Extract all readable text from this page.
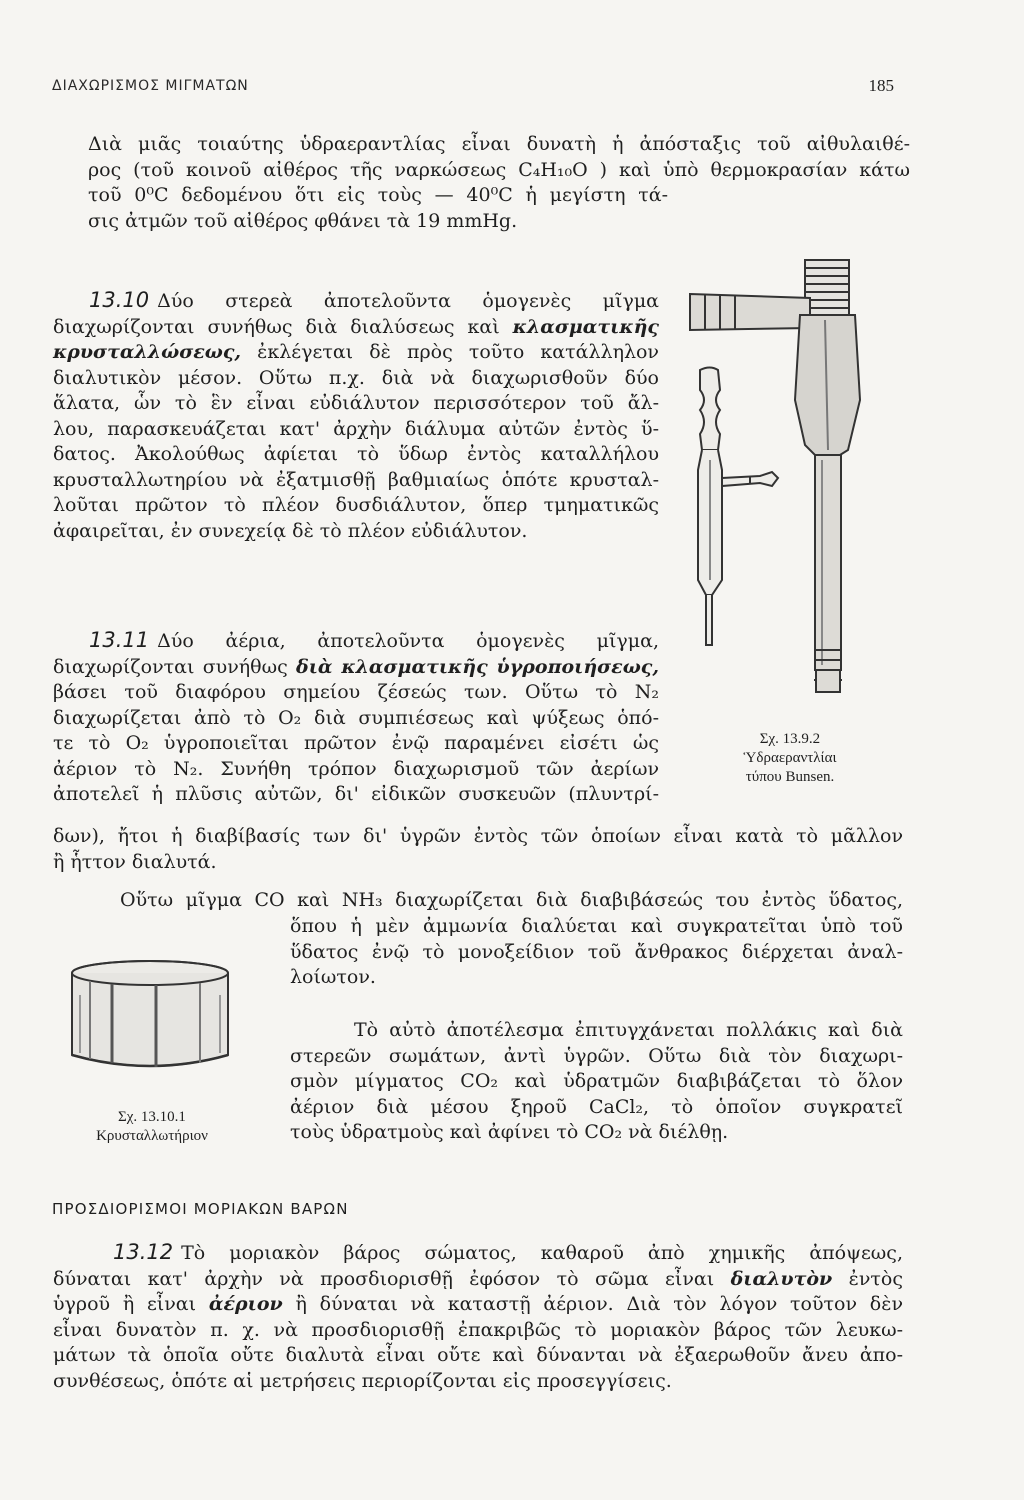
ΔΙΑΧΩΡΙΣΜΟΣ ΜΙΓΜΑΤΩΝ	185
Διὰ μιᾶς τοιαύτης ὑδραεραντλίας εἶναι δυνατὴ ἡ ἀπόσταξις τοῦ αἰθυλαιθέ-
ρος (τοῦ κοινοῦ αἰθέρος τῆς ναρκώσεως C₄H₁₀O ) καὶ ὑπὸ θερμοκρασίαν κάτω
τοῦ 0⁰C δεδομένου ὅτι εἰς τοὺς — 40⁰C ἡ μεγίστη τά-
σις ἀτμῶν τοῦ αἰθέρος φθάνει τὰ 19 mmHg.
13.10 Δύο στερεὰ ἀποτελοῦντα ὁμογενὲς μῖγμα
διαχωρίζονται συνήθως διὰ διαλύσεως καὶ κλασματικῆς
κρυσταλλώσεως, ἐκλέγεται δὲ πρὸς τοῦτο κατάλληλον
διαλυτικὸν μέσον. Οὕτω π.χ. διὰ νὰ διαχωρισθοῦν δύο
ἅλατα, ὧν τὸ ἓν εἶναι εὐδιάλυτον περισσότερον τοῦ ἄλ-
λου, παρασκευάζεται κατ' ἀρχὴν διάλυμα αὐτῶν ἐντὸς ὕ-
δατος. Ἀκολούθως ἀφίεται τὸ ὕδωρ ἐντὸς καταλλήλου
κρυσταλλωτηρίου νὰ ἐξατμισθῇ βαθμιαίως ὁπότε κρυσταλ-
λοῦται πρῶτον τὸ πλέον δυσδιάλυτον, ὅπερ τμηματικῶς
ἀφαιρεῖται, ἐν συνεχείᾳ δὲ τὸ πλέον εὐδιάλυτον.
13.11 Δύο ἀέρια, ἀποτελοῦντα ὁμογενὲς μῖγμα,
διαχωρίζονται συνήθως διὰ κλασματικῆς ὑγροποιήσεως,
βάσει τοῦ διαφόρου σημείου ζέσεώς των. Οὕτω τὸ N₂
διαχωρίζεται ἀπὸ τὸ O₂ διὰ συμπιέσεως καὶ ψύξεως ὁπό-
τε τὸ O₂ ὑγροποιεῖται πρῶτον ἐνῷ παραμένει εἰσέτι ὡς
ἀέριον τὸ N₂. Συνήθη τρόπον διαχωρισμοῦ τῶν ἀερίων
ἀποτελεῖ ἡ πλῦσις αὐτῶν, δι' εἰδικῶν συσκευῶν (πλυντρί-
δων), ἤτοι ἡ διαβίβασίς των δι' ὑγρῶν ἐντὸς τῶν ὁποίων εἶναι κατὰ τὸ μᾶλλον
ἢ ἧττον διαλυτά.
Οὕτω μῖγμα CO καὶ NH₃ διαχωρίζεται διὰ διαβιβάσεώς του ἐντὸς ὕδατος,
ὅπου ἡ μὲν ἀμμωνία διαλύεται καὶ συγκρατεῖται ὑπὸ τοῦ
ὕδατος ἐνῷ τὸ μονοξείδιον τοῦ ἄνθρακος διέρχεται ἀναλ-
λοίωτον.
Τὸ αὐτὸ ἀποτέλεσμα ἐπιτυγχάνεται πολλάκις καὶ διὰ
στερεῶν σωμάτων, ἀντὶ ὑγρῶν. Οὕτω διὰ τὸν διαχωρι-
σμὸν μίγματος CO₂ καὶ ὑδρατμῶν διαβιβάζεται τὸ ὅλον
ἀέριον διὰ μέσου ξηροῦ CaCl₂, τὸ ὁποῖον συγκρατεῖ
τοὺς ὑδρατμοὺς καὶ ἀφίνει τὸ CO₂ νὰ διέλθῃ.
Σχ. 13.9.2
Ὑδραεραντλίαι
τύπου Bunsen.
Σχ. 13.10.1
Κρυσταλλωτήριον
ΠΡΟΣΔΙΟΡΙΣΜΟΙ ΜΟΡΙΑΚΩΝ ΒΑΡΩΝ
13.12 Τὸ μοριακὸν βάρος σώματος, καθαροῦ ἀπὸ χημικῆς ἀπόψεως,
δύναται κατ' ἀρχὴν νὰ προσδιορισθῇ ἐφόσον τὸ σῶμα εἶναι διαλυτὸν ἐντὸς
ὑγροῦ ἢ εἶναι ἀέριον ἢ δύναται νὰ καταστῇ ἀέριον. Διὰ τὸν λόγον τοῦτον δὲν
εἶναι δυνατὸν π. χ. νὰ προσδιορισθῇ ἐπακριβῶς τὸ μοριακὸν βάρος τῶν λευκω-
μάτων τὰ ὁποῖα οὔτε διαλυτὰ εἶναι οὔτε καὶ δύνανται νὰ ἐξαερωθοῦν ἄνευ ἀπο-
συνθέσεως, ὁπότε αἱ μετρήσεις περιορίζονται εἰς προσεγγίσεις.
